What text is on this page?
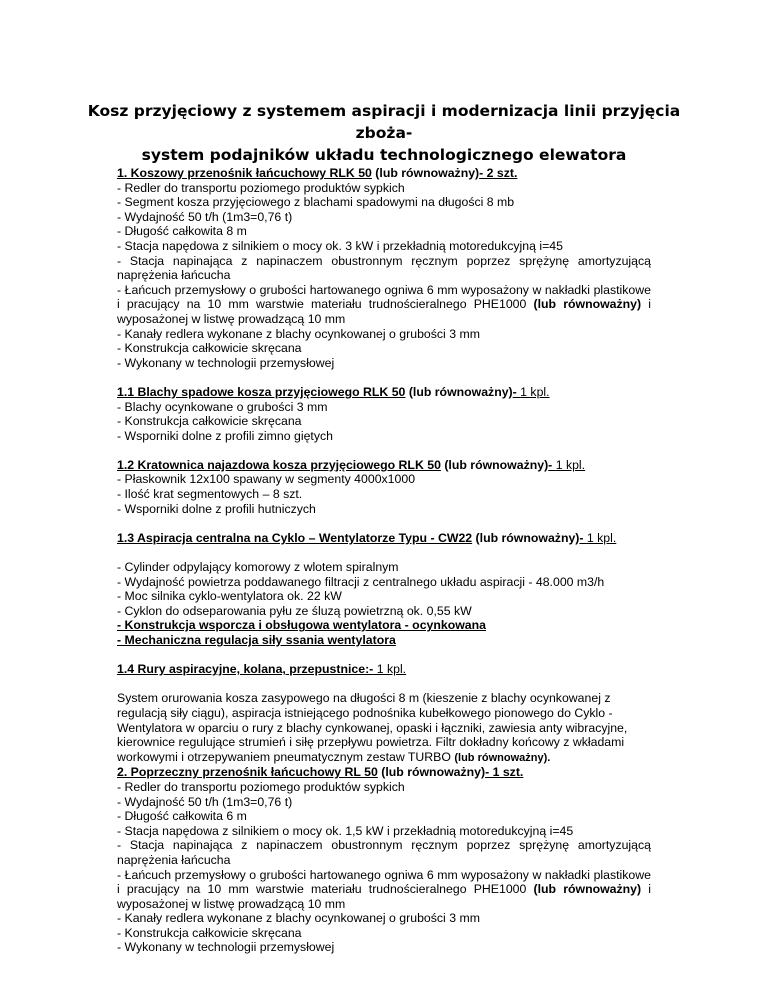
Kosz przyjęciowy z systemem aspiracji i modernizacja linii przyjęcia zboża-
system podajników układu technologicznego elewatora
1. Koszowy przenośnik łańcuchowy RLK 50 (lub równoważny)- 2 szt.
- Redler do transportu poziomego produktów sypkich
- Segment kosza przyjęciowego z blachami spadowymi na długości 8 mb
- Wydajność 50 t/h (1m3=0,76 t)
- Długość całkowita 8 m
- Stacja napędowa z silnikiem o mocy ok. 3 kW i przekładnią motoredukcyjną i=45
- Stacja napinająca z napinaczem obustronnym ręcznym poprzez sprężynę amortyzującą naprężenia łańcucha
- Łańcuch przemysłowy o grubości hartowanego ogniwa 6 mm wyposażony w nakładki plastikowe i pracujący na 10 mm warstwie materiału trudnościeralnego PHE1000 (lub równoważny) i wyposażonej w listwę prowadzącą 10 mm
- Kanały redlera wykonane z blachy ocynkowanej o grubości 3 mm
- Konstrukcja całkowicie skręcana
- Wykonany w technologii przemysłowej
1.1 Blachy spadowe kosza przyjęciowego RLK 50 (lub równoważny)- 1 kpl.
- Blachy ocynkowane o grubości 3 mm
- Konstrukcja całkowicie skręcana
- Wsporniki dolne z profili zimno giętych
1.2 Kratownica najazdowa kosza przyjęciowego RLK 50 (lub równoważny)- 1 kpl.
- Płaskownik 12x100 spawany w segmenty 4000x1000
- Ilość krat segmentowych – 8 szt.
- Wsporniki dolne z profili hutniczych
1.3 Aspiracja centralna na Cyklo – Wentylatorze Typu - CW22 (lub równoważny)- 1 kpl.
- Cylinder odpylający komorowy z wlotem spiralnym
- Wydajność powietrza poddawanego filtracji z centralnego układu aspiracji - 48.000 m3/h
- Moc silnika cyklo-wentylatora ok. 22 kW
- Cyklon do odseparowania pyłu ze śluzą powietrzną ok. 0,55 kW
- Konstrukcja wsporcza i obsługowa wentylatora - ocynkowana
- Mechaniczna regulacja siły ssania wentylatora
1.4 Rury aspiracyjne, kolana, przepustnice:- 1 kpl.
System orurowania kosza zasypowego na długości 8 m (kieszenie z blachy ocynkowanej z regulacją siły ciągu), aspiracja istniejącego podnośnika kubełkowego pionowego do Cyklo - Wentylatora w oparciu o rury z blachy cynkowanej, opaski i łączniki, zawiesia anty wibracyjne, kierownice regulujące strumień i siłę przepływu powietrza. Filtr dokładny końcowy z wkładami workowymi i otrzepywaniem pneumatycznym zestaw TURBO (lub równoważny).
2. Poprzeczny przenośnik łańcuchowy RL 50 (lub równoważny)- 1 szt.
- Redler do transportu poziomego produktów sypkich
- Wydajność 50 t/h (1m3=0,76 t)
- Długość całkowita 6 m
- Stacja napędowa z silnikiem o mocy ok. 1,5 kW i przekładnią motoredukcyjną i=45
- Stacja napinająca z napinaczem obustronnym ręcznym poprzez sprężynę amortyzującą naprężenia łańcucha
- Łańcuch przemysłowy o grubości hartowanego ogniwa 6 mm wyposażony w nakładki plastikowe i pracujący na 10 mm warstwie materiału trudnościeralnego PHE1000 (lub równoważny) i wyposażonej w listwę prowadzącą 10 mm
- Kanały redlera wykonane z blachy ocynkowanej o grubości 3 mm
- Konstrukcja całkowicie skręcana
- Wykonany w technologii przemysłowej
